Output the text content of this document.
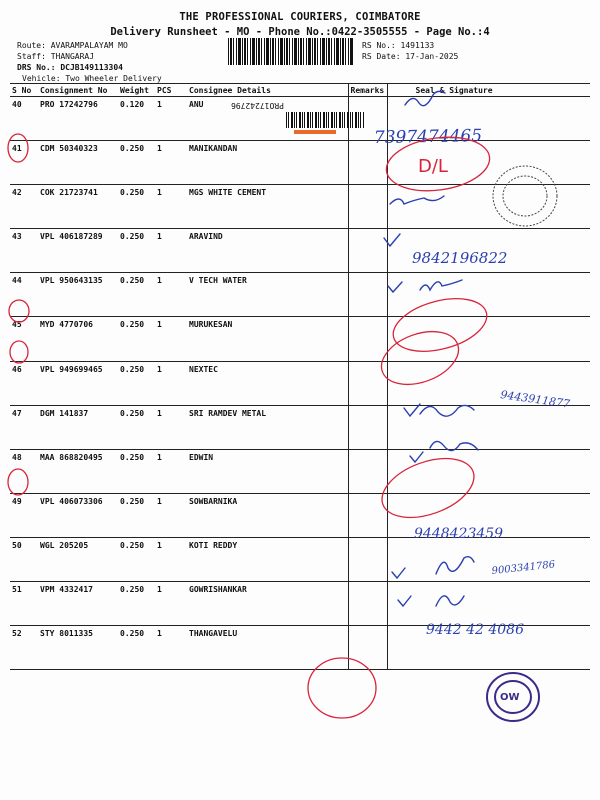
THE PROFESSIONAL COURIERS, COIMBATORE
Delivery Runsheet - MO - Phone No.:0422-3505555 - Page No.:4
Route: AVARAMPALAYAM MO
Staff: THANGARAJ
DRS No.: DCJB149113304
Vehicle: Two Wheeler Delivery
RS No.: 1491133
RS Date: 17-Jan-2025
S No	Consignment No	Weight	PCS	Consignee Details	Remarks	Seal & Signature
40	PRO 17242796	0.120	1	ANU		
41	CDM 50340323	0.250	1	MANIKANDAN		
42	COK 21723741	0.250	1	MGS WHITE CEMENT		
43	VPL 406187289	0.250	1	ARAVIND		
44	VPL 950643135	0.250	1	V TECH WATER		
45	MYD 4770706	0.250	1	MURUKESAN		
46	VPL 949699465	0.250	1	NEXTEC		
47	DGM 141837	0.250	1	SRI RAMDEV METAL		
48	MAA 868820495	0.250	1	EDWIN		
49	VPL 406073306	0.250	1	SOWBARNIKA		
50	WGL 205205	0.250	1	KOTI REDDY		
51	VPM 4332417	0.250	1	GOWRISHANKAR		
52	STY 8011335	0.250	1	THANGAVELU		
PRO17242796
7397474465
9842196822
9443911877
9448423459
9003341786
9442 42 4086
D/L
OW
